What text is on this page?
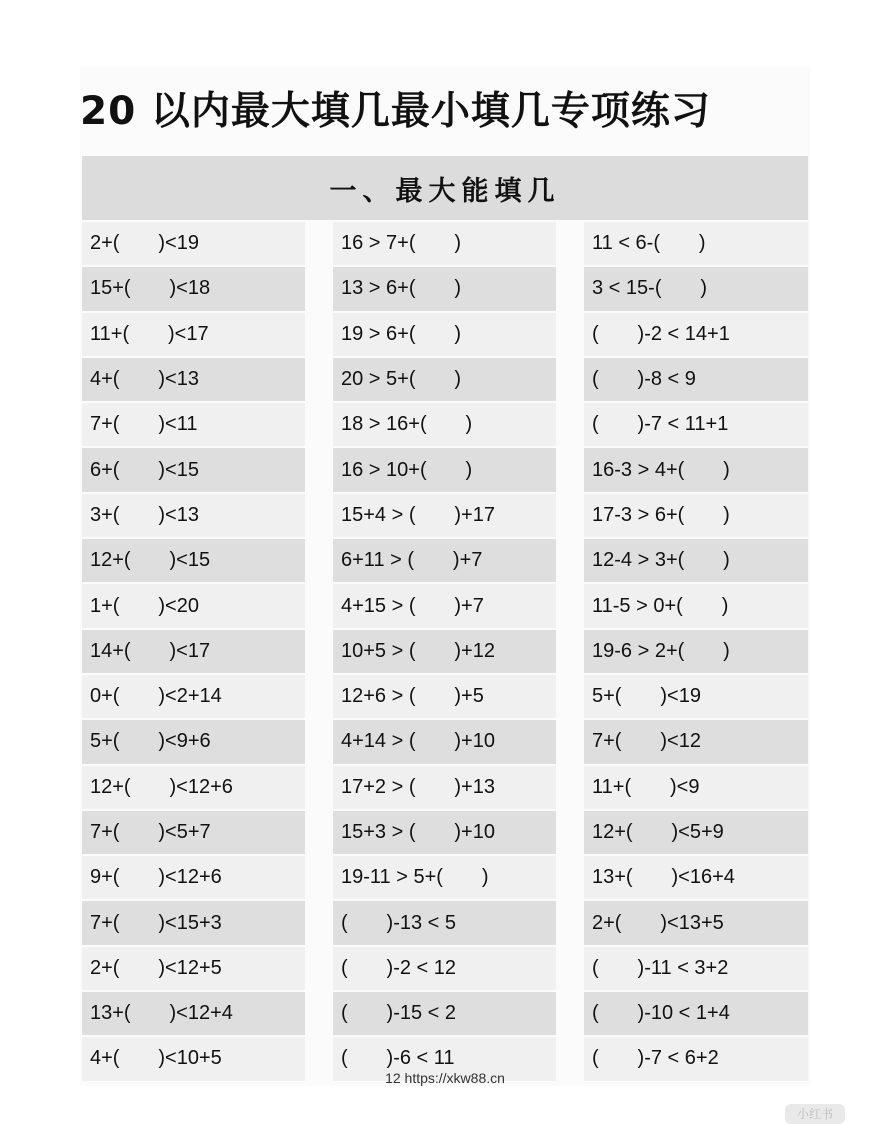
20 以内最大填几最小填几专项练习
一、最大能填几
2+(       )<19	16 > 7+(       )	11 < 6-(       )
15+(       )<18	13 > 6+(       )	3 < 15-(       )
11+(       )<17	19 > 6+(       )	(       )-2 < 14+1
4+(       )<13	20 > 5+(       )	(       )-8 < 9
7+(       )<11	18 > 16+(       )	(       )-7 < 11+1
6+(       )<15	16 > 10+(       )	16-3 > 4+(       )
3+(       )<13	15+4 > (       )+17	17-3 > 6+(       )
12+(       )<15	6+11 > (       )+7	12-4 > 3+(       )
1+(       )<20	4+15 > (       )+7	11-5 > 0+(       )
14+(       )<17	10+5 > (       )+12	19-6 > 2+(       )
0+(       )<2+14	12+6 > (       )+5	5+(       )<19
5+(       )<9+6	4+14 > (       )+10	7+(       )<12
12+(       )<12+6	17+2 > (       )+13	11+(       )<9
7+(       )<5+7	15+3 > (       )+10	12+(       )<5+9
9+(       )<12+6	19-11 > 5+(       )	13+(       )<16+4
7+(       )<15+3	(       )-13 < 5	2+(       )<13+5
2+(       )<12+5	(       )-2 < 12	(       )-11 < 3+2
13+(       )<12+4	(       )-15 < 2	(       )-10 < 1+4
4+(       )<10+5	(       )-6 < 11	(       )-7 < 6+2
12 https://xkw88.cn
小红书
